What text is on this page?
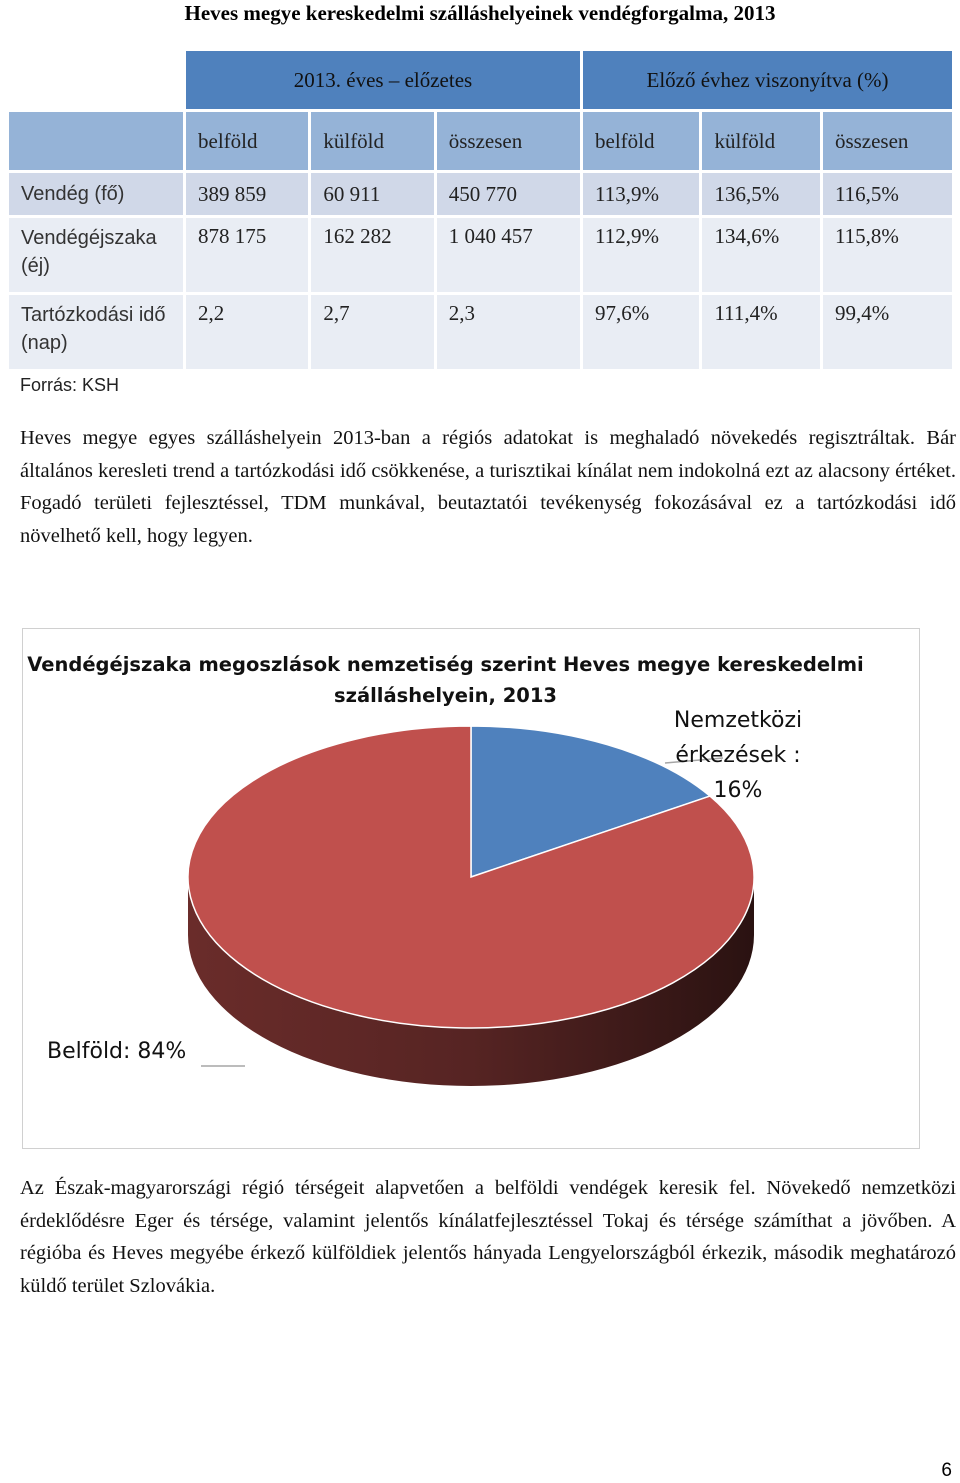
Heves megye kereskedelmi szálláshelyeinek vendégforgalma, 2013
	2013. éves – előzetes			Előző évhez viszonyítva (%)		
	belföld	külföld	összesen	belföld	külföld	összesen
Vendég (fő)	389 859	60 911	450 770	113,9%	136,5%	116,5%
Vendégéjszaka (éj)	878 175	162 282	1 040 457	112,9%	134,6%	115,8%
Tartózkodási idő (nap)	2,2	2,7	2,3	97,6%	111,4%	99,4%
Forrás: KSH
Heves megye egyes szálláshelyein 2013-ban a régiós adatokat is meghaladó növekedés regisztráltak. Bár általános keresleti trend a tartózkodási idő csökkenése, a turisztikai kínálat nem indokolná ezt az alacsony értéket. Fogadó területi fejlesztéssel, TDM munkával, beutaztatói tevékenység fokozásával ez a tartózkodási idő növelhető kell, hogy legyen.
Vendégéjszaka megoszlások nemzetiség szerint Heves megye kereskedelmi szálláshelyein, 2013
Nemzetközi érkezések : 16%
Belföld: 84%
Az Észak-magyarországi régió térségeit alapvetően a belföldi vendégek keresik fel. Növekedő nemzetközi érdeklődésre Eger és térsége, valamint jelentős kínálatfejlesztéssel Tokaj és térsége számíthat a jövőben. A régióba és Heves megyébe érkező külföldiek jelentős hányada Lengyelországból érkezik, második meghatározó küldő terület Szlovákia.
6
